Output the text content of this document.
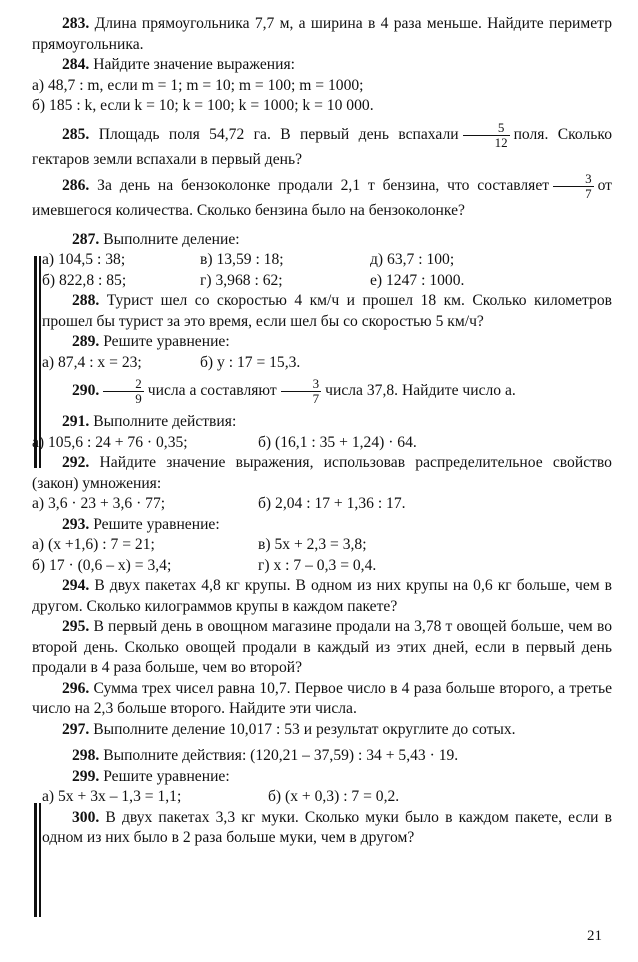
283. Длина прямоугольника 7,7 м, а ширина в 4 раза меньше. Найдите периметр прямоугольника.

284. Найдите значение выражения:

а) 48,7 : m, если m = 1; m = 10; m = 100; m = 1000;

б) 185 : k, если k = 10; k = 100; k = 1000; k = 10 000.

285. Площадь поля 54,72 га. В первый день вспахали $\frac{5}{12}$ поля. Сколько гектаров земли вспахали в первый день?

286. За день на бензоколонке продали 2,1 т бензина, что составляет $\frac{3}{7}$ от имевшегося количества. Сколько бензина было на бензоколонке?

287. Выполните деление:

а) 104,5 : 38;	в) 13,59 : 18;	д) 63,7 : 100;
б) 822,8 : 85;	г) 3,968 : 62;	е) 1247 : 1000.

288. Турист шел со скоростью 4 км/ч и прошел 18 км. Сколько километров прошел бы турист за это время, если шел бы со скоростью 5 км/ч?

289. Решите уравнение:

а) 87,4 : x = 23;	б) y : 17 = 15,3.

290. $\frac{2}{9}$ числа a составляют $\frac{3}{7}$ числа 37,8. Найдите число a.

291. Выполните действия:

а) 105,6 : 24 + 76 · 0,35;	б) (16,1 : 35 + 1,24) · 64.

292. Найдите значение выражения, использовав распределительное свойство (закон) умножения:

а) 3,6 · 23 + 3,6 · 77;	б) 2,04 : 17 + 1,36 : 17.

293. Решите уравнение:

а) (x +1,6) : 7 = 21;	в) 5x + 2,3 = 3,8;
б) 17 · (0,6 – x) = 3,4;	г) x : 7 – 0,3 = 0,4.

294. В двух пакетах 4,8 кг крупы. В одном из них крупы на 0,6 кг больше, чем в другом. Сколько килограммов крупы в каждом пакете?

295. В первый день в овощном магазине продали на 3,78 т овощей больше, чем во второй день. Сколько овощей продали в каждый из этих дней, если в первый день продали в 4 раза больше, чем во второй?

296. Сумма трех чисел равна 10,7. Первое число в 4 раза больше второго, а третье число на 2,3 больше второго. Найдите эти числа.

297. Выполните деление 10,017 : 53 и результат округлите до сотых.

298. Выполните действия: (120,21 – 37,59) : 34 + 5,43 · 19.

299. Решите уравнение:

а) 5x + 3x – 1,3 = 1,1;	б) (x + 0,3) : 7 = 0,2.

300. В двух пакетах 3,3 кг муки. Сколько муки было в каждом пакете, если в одном из них было в 2 раза больше муки, чем в другом?

21
